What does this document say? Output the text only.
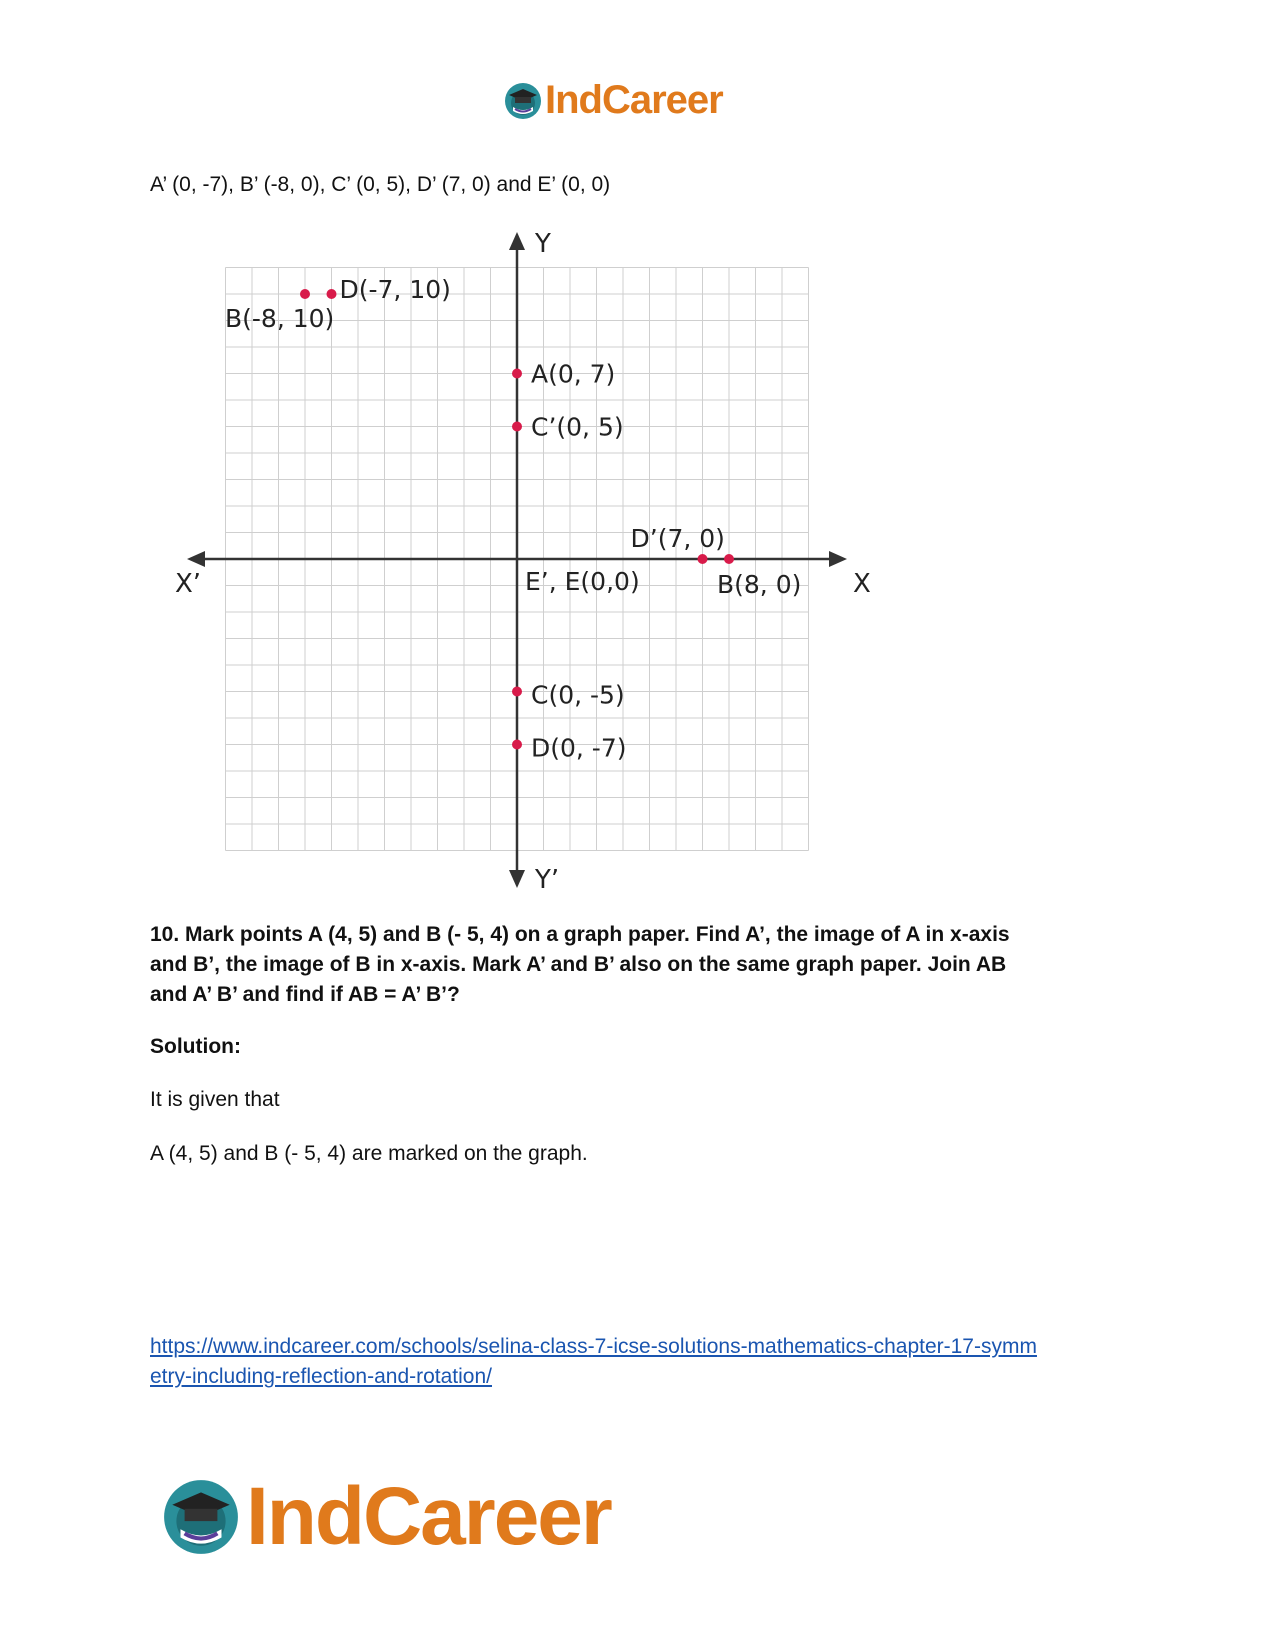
IndCareer

A’ (0, -7), B’ (-8, 0), C’ (0, 5), D’ (7, 0) and E’ (0, 0)

Y
Y’
X
X’
B(-8, 10)
D(-7, 10)
A(0, 7)
C’(0, 5)
D’(7, 0)
B(8, 0)
E’, E(0,0)
C(0, -5)
D(0, -7)

10. Mark points A (4, 5) and B (- 5, 4) on a graph paper. Find A’, the image of A in x-axis

and B’, the image of B in x-axis. Mark A’ and B’ also on the same graph paper. Join AB

and A’ B’ and find if AB = A’ B’?

Solution:

It is given that

A (4, 5) and B (- 5, 4) are marked on the graph.

https://www.indcareer.com/schools/selina-class-7-icse-solutions-mathematics-chapter-17-symm
etry-including-reflection-and-rotation/
IndCareer
